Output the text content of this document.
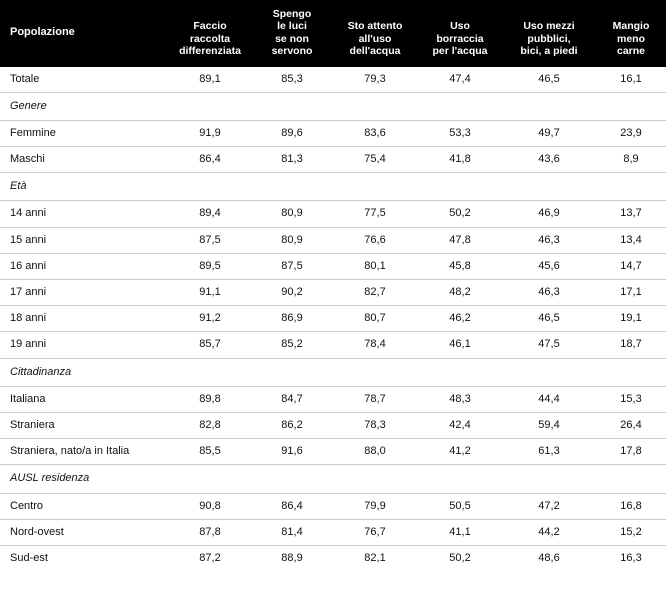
Popolazione	Faccio
raccolta
differenziata	Spengo
le luci
se non
servono	Sto attento
all'uso
dell'acqua	Uso
borraccia
per l'acqua	Uso mezzi
pubblici,
bici, a piedi	Mangio
meno
carne

Totale	89,1	85,3	79,3	47,4	46,5	16,1
Genere						
Femmine	91,9	89,6	83,6	53,3	49,7	23,9
Maschi	86,4	81,3	75,4	41,8	43,6	8,9
Età						
14 anni	89,4	80,9	77,5	50,2	46,9	13,7
15 anni	87,5	80,9	76,6	47,8	46,3	13,4
16 anni	89,5	87,5	80,1	45,8	45,6	14,7
17 anni	91,1	90,2	82,7	48,2	46,3	17,1
18 anni	91,2	86,9	80,7	46,2	46,5	19,1
19 anni	85,7	85,2	78,4	46,1	47,5	18,7
Cittadinanza						
Italiana	89,8	84,7	78,7	48,3	44,4	15,3
Straniera	82,8	86,2	78,3	42,4	59,4	26,4
Straniera, nato/a in Italia	85,5	91,6	88,0	41,2	61,3	17,8
AUSL residenza						
Centro	90,8	86,4	79,9	50,5	47,2	16,8
Nord-ovest	87,8	81,4	76,7	41,1	44,2	15,2
Sud-est	87,2	88,9	82,1	50,2	48,6	16,3
